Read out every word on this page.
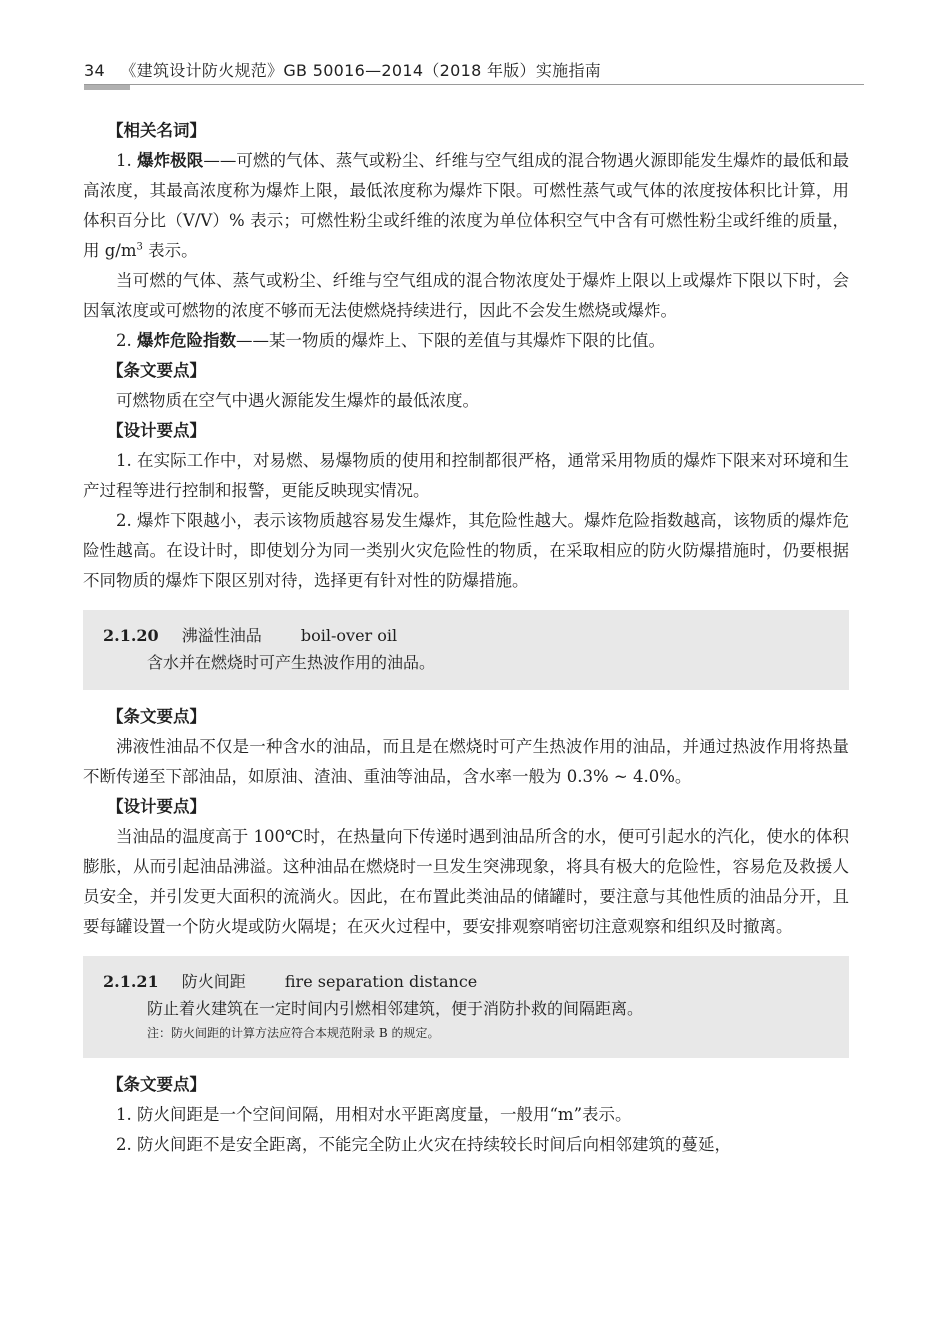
34 《建筑设计防火规范》GB 50016—2014（2018 年版）实施指南

【相关名词】

1. 爆炸极限——可燃的气体、蒸气或粉尘、纤维与空气组成的混合物遇火源即能发生爆炸的最低和最高浓度，其最高浓度称为爆炸上限，最低浓度称为爆炸下限。可燃性蒸气或气体的浓度按体积比计算，用体积百分比（V/V）% 表示；可燃性粉尘或纤维的浓度为单位体积空气中含有可燃性粉尘或纤维的质量，用 $g/m^3$ 表示。

当可燃的气体、蒸气或粉尘、纤维与空气组成的混合物浓度处于爆炸上限以上或爆炸下限以下时，会因氧浓度或可燃物的浓度不够而无法使燃烧持续进行，因此不会发生燃烧或爆炸。

2. 爆炸危险指数——某一物质的爆炸上、下限的差值与其爆炸下限的比值。

【条文要点】

可燃物质在空气中遇火源能发生爆炸的最低浓度。

【设计要点】

1. 在实际工作中，对易燃、易爆物质的使用和控制都很严格，通常采用物质的爆炸下限来对环境和生产过程等进行控制和报警，更能反映现实情况。

2. 爆炸下限越小，表示该物质越容易发生爆炸，其危险性越大。爆炸危险指数越高，该物质的爆炸危险性越高。在设计时，即使划分为同一类别火灾危险性的物质，在采取相应的防火防爆措施时，仍要根据不同物质的爆炸下限区别对待，选择更有针对性的防爆措施。

2.1.20 沸溢性油品 boil-over oil
含水并在燃烧时可产生热波作用的油品。

【条文要点】

沸液性油品不仅是一种含水的油品，而且是在燃烧时可产生热波作用的油品，并通过热波作用将热量不断传递至下部油品，如原油、渣油、重油等油品，含水率一般为 0.3% ~ 4.0%。

【设计要点】

当油品的温度高于 100℃时，在热量向下传递时遇到油品所含的水，便可引起水的汽化，使水的体积膨胀，从而引起油品沸溢。这种油品在燃烧时一旦发生突沸现象，将具有极大的危险性，容易危及救援人员安全，并引发更大面积的流淌火。因此，在布置此类油品的储罐时，要注意与其他性质的油品分开，且要每罐设置一个防火堤或防火隔堤；在灭火过程中，要安排观察哨密切注意观察和组织及时撤离。

2.1.21 防火间距 fire separation distance
防止着火建筑在一定时间内引燃相邻建筑，便于消防扑救的间隔距离。
注：防火间距的计算方法应符合本规范附录 B 的规定。

【条文要点】

1. 防火间距是一个空间间隔，用相对水平距离度量，一般用“m”表示。

2. 防火间距不是安全距离，不能完全防止火灾在持续较长时间后向相邻建筑的蔓延，
